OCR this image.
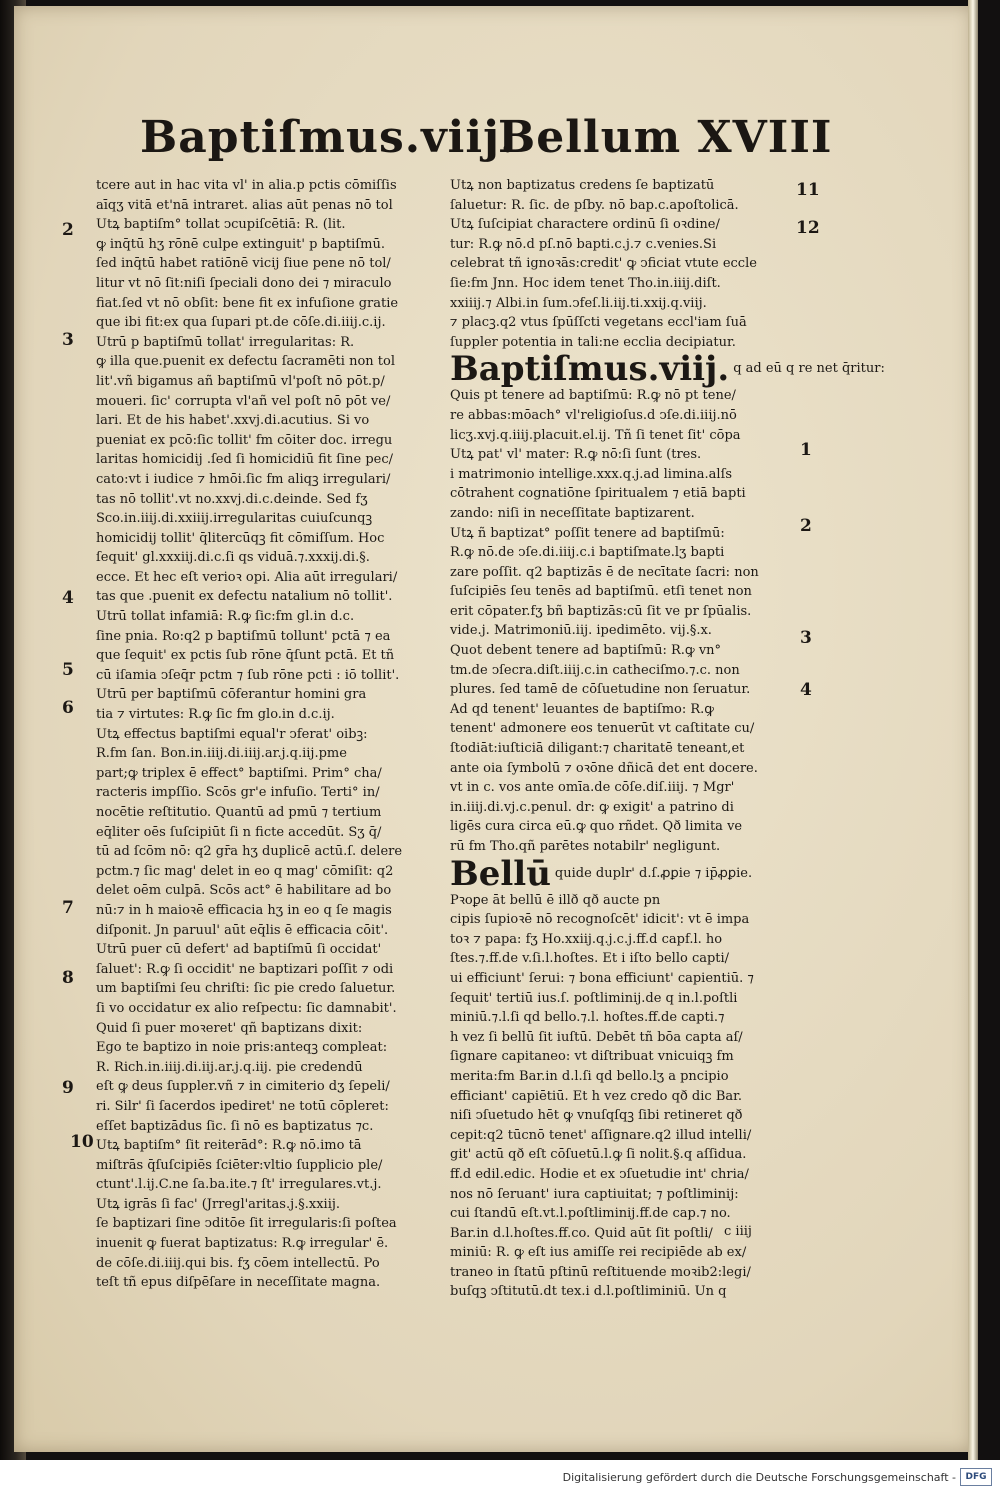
Baptiſmus.viij.
Bellum XVIII
tcere aut in hac vita vl' in alia.p pctis cōmiſſis
aīqʒ vitā et'nā intraret. alias aūt penas nō tol
Utꝝ baptiſm° tollat ↄcupiſcētiā: R. (lit.
ꝙ inq̄tū hʒ rōnē culpe extinguit' p baptiſmū.
ſed inq̄tū habet ratiōnē vicij ſiue pene nō tol/
litur vt nō ſit:niſi ſpeciali dono dei ⁊ miraculo
fiat.ſed vt nō obſit: bene fit ex infuſione gratie
que ibi fit:ex qua ſupari pt.de cōſe.di.iiij.c.ij.
Utrū p baptiſmū tollat' irregularitas: R.
ꝙ illa que.puenit ex defectu ſacramēti non tol
lit'.vñ bigamus añ baptiſmū vl'poſt nō pōt.p/
moueri. ſic' corrupta vl'añ vel poſt nō pōt ve/
lari. Et de his habet'.xxvj.di.acutius. Si vo
pueniat ex pcō:ſic tollit' fm cōiter doc. irregu
laritas homicidij .ſed ſi homicidiū fit ſine pec/
cato:vt i iudice ⁊ hmōi.ſic fm aliqꝫ irregulari/
tas nō tollit'.vt no.xxvj.di.c.deinde. Sed fʒ
Sco.in.iiij.di.xxiiij.irregularitas cuiuſcunqꝫ
homicidij tollit' q̄litercūqꝫ fit cōmiſſum. Hoc
ſequit' gl.xxxiij.di.c.ſi qs viduā.⁊.xxxij.di.§.
ecce. Et hec eſt verioꝛ opi. Alia aūt irregulari/
tas que .puenit ex defectu natalium nō tollit'.
Utrū tollat infamiā: R.ꝙ ſic:fm gl.in d.c.
ſine pnia. Ro:q2 p baptiſmū tollunt' pctā ⁊ ea
que ſequit' ex pctis ſub rōne q̄ſunt pctā. Et tñ
cū iſamia ↄſeq̄r pctm ⁊ ſub rōne pcti : iō tollit'.
Utrū per baptiſmū cōferantur homini gra
tia ⁊ virtutes: R.ꝙ ſic fm glo.in d.c.ij.
Utꝝ effectus baptiſmi equal'r ↄferat' oibꝫ:
R.fm ſan. Bon.in.iiij.di.iiij.ar.j.q.iij.pme
part;ꝙ triplex ē effect° baptiſmi. Prim° cha/
racteris impſſio. Scōs gr'e infuſio. Terti° in/
nocētie reſtitutio. Quantū ad pmū ⁊ tertium
eq̄liter oēs ſuſcipiūt ſi n ficte accedūt. Sʒ q̄/
tū ad ſcōm nō: q2 gr̄a hʒ duplicē actū.ſ. delere
pctm.⁊ ſic mag' delet in eo q mag' cōmiſit: q2
delet oēm culpā. Scōs act° ē habilitare ad bo
nū:⁊ in h maioꝛē efficacia hʒ in eo q ſe magis
diſponit. Jn paruul' aūt eq̄lis ē efficacia cōit'.
Utrū puer cū defert' ad baptiſmū ſi occidat'
ſaluet': R.ꝙ ſi occidit' ne baptizari poſſit ⁊ odi
um baptiſmi ſeu chriſti: ſic pie credo ſaluetur.
ſi vo occidatur ex alio reſpectu: ſic damnabit'.
Quid ſi puer moꝛeret' qñ baptizans dixit:
Ego te baptizo in noie pris:anteqꝫ compleat:
R. Rich.in.iiij.di.iij.ar.j.q.iij. pie credendū
eſt ꝙ deus ſuppler.vñ ⁊ in cimiterio dʒ ſepeli/
ri. Silr' ſi ſacerdos ipediret' ne totū cōpleret:
eſſet baptizādus ſic. ſi nō es baptizatus ⁊c.
Utꝝ baptiſm° ſit reiterād°: R.ꝙ nō.imo tā
miſtrās q̄ſuſcipiēs ſciēter:vltio ſupplicio ple/
ctunt'.l.ij.C.ne ſa.ba.ite.⁊ ſt' irregulares.vt.j.
Utꝝ igrās ſi fac' (Jrregl'aritas.j.§.xxiij.
ſe baptizari ſine ↄditōe ſit irregularis:ſi poſtea
inuenit ꝙ fuerat baptizatus: R.ꝙ irregular' ē.
de cōſe.di.iiij.qui bis. fʒ cōem intellectū. Po
teſt tñ epus diſpēſare in neceſſitate magna.
Utꝝ non baptizatus credens ſe baptizatū
ſaluetur: R. ſic. de pſby. nō bap.c.apoſtolicā.
Utꝝ ſuſcipiat charactere ordinū ſi oꝛdine/
tur: R.ꝙ nō.d pſ.nō bapti.c.j.⁊ c.venies.Si
celebrat tñ ignoꝛās:credit' ꝙ ↄficiat vtute eccle
ſie:fm Jnn. Hoc idem tenet Tho.in.iiij.diſt.
xxiiij.⁊ Albi.in ſum.ↄfeſ.li.iij.ti.xxij.q.viij.
⁊ placꝫ.q2 vtus ſpūſſcti vegetans eccl'iam ſuā
ſuppler potentia in tali:ne ecclia decipiatur.
Baptiſmus.viij. q ad eū q re net q̄ritur:
Quis pt tenere ad baptiſmū: R.ꝙ nō pt tene/
re abbas:mōach° vl'religioſus.d ↄſe.di.iiij.nō
licʒ.xvj.q.iiij.placuit.el.ij. Tñ ſi tenet ſit' cōpa
Utꝝ pat' vl' mater: R.ꝙ nō:ſi ſunt (tres.
i matrimonio intellige.xxx.q.j.ad limina.alſs
cōtrahent cognatiōne ſpiritualem ⁊ etiā bapti
zando: niſi in neceſſitate baptizarent.
Utꝝ ñ baptizat° poſſit tenere ad baptiſmū:
R.ꝙ nō.de ↄſe.di.iiij.c.i baptiſmate.lʒ bapti
zare poſſit. q2 baptizās ē de necītate ſacri: non
ſuſcipiēs ſeu tenēs ad baptiſmū. etſi tenet non
erit cōpater.fʒ bñ baptizās:cū ſit ve pr ſpūalis.
vide.j. Matrimoniū.iij. ipedimēto. vij.§.x.
Quot debent tenere ad baptiſmū: R.ꝙ vn°
tm.de ↄſecra.diſt.iiij.c.in catheciſmo.⁊.c. non
plures. ſed tamē de cōſuetudine non ſeruatur.
Ad qd tenent' leuantes de baptiſmo: R.ꝙ
tenent' admonere eos tenuerūt vt caſtitate cu/
ſtodiāt:iuſticiā diligant:⁊ charitatē teneant,et
ante oia ſymbolū ⁊ oꝛōne dñicā det ent docere.
vt in c. vos ante omīa.de cōſe.diſ.iiij. ⁊ Mgr'
in.iiij.di.vj.c.penul. dr: ꝙ exigit' a patrino di
ligēs cura circa eū.ꝙ quo rñdet. Qð limita ve
rū fm Tho.qñ parētes notabilr' negligunt.
Bellū quide duplr' d.ſ.ꝓꝑie ⁊ ip̄ꝓꝑie.
Pꝛoꝑe āt bellū ē illð qð aucte pn
cipis ſupioꝛē nō recognoſcēt' idicit': vt ē impa
toꝛ ⁊ papa: fʒ Ho.xxiij.q.j.c.j.ff.d capf.l. ho
ſtes.⁊.ff.de v.ſi.l.hoſtes. Et i iſto bello capti/
ui efficiunt' ſerui: ⁊ bona efficiunt' capientiū. ⁊
ſequit' tertiū ius.ſ. poſtliminij.de q in.l.poſtli
miniū.⁊.l.ſi qd bello.⁊.l. hoſtes.ff.de capti.⁊
h vez ſi bellū ſit iuſtū. Debēt tñ bōa capta aſ/
ſignare capitaneo: vt diſtribuat vnicuiqꝫ fm
merita:fm Bar.in d.l.ſi qd bello.lʒ a pncipio
efficiant' capiētiū. Et h vez credo qð dic Bar.
niſi ↄſuetudo hēt ꝙ vnuſqſqꝫ ſibi retineret qð
cepit:q2 tūcnō tenet' aſſignare.q2 illud intelli/
git' actū qð eſt cōſuetū.l.ꝙ ſi nolit.§.q aſſidua.
ff.d edil.edic. Hodie et ex ↄſuetudie int' chria/
nos nō ſeruant' iura captiuitat; ⁊ poſtliminij:
cui ſtandū eſt.vt.l.poſtliminij.ff.de cap.⁊ no.
Bar.in d.l.hoſtes.ff.co. Quid aūt ſit poſtli/
miniū: R. ꝙ eſt ius amiſſe rei recipiēde ab ex/
traneo in ſtatū pſtinū reſtituende moꝛib2:legi/
buſqꝫ ↄſtitutū.dt tex.i d.l.poſtliminiū. Un q
2
3
4
5
6
7
8
9
10
11
12
1
2
3
4
c iiij
Digitalisierung gefördert durch die Deutsche Forschungsgemeinschaft -	DFG
